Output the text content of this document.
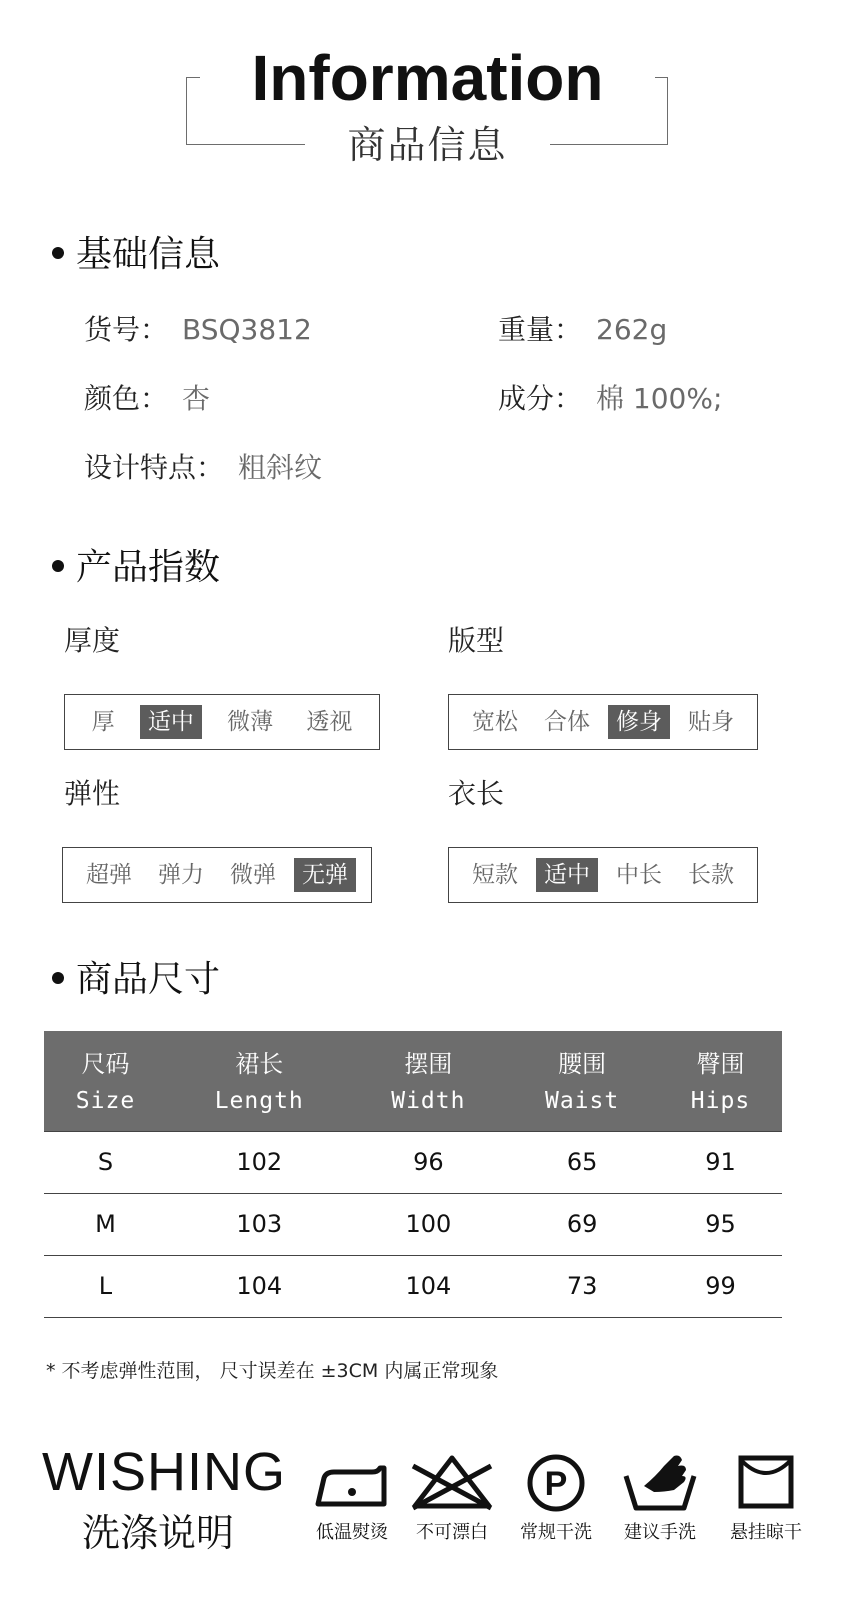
Information
商品信息
基础信息
货号： BSQ3812	重量： 262g
颜色： 杏	成分： 棉 100%;
设计特点： 粗斜纹
产品指数
厚度
厚	适中	微薄	透视
版型
宽松	合体	修身	贴身
弹性
超弹	弹力	微弹	无弹
衣长
短款	适中	中长	长款
商品尺寸
尺码	裙长	摆围	腰围	臀围
Size	Length	Width	Waist	Hips
S	102	96	65	91
M	103	100	69	95
L	104	104	73	99
* 不考虑弹性范围， 尺寸误差在 ±3CM 内属正常现象
WISHING
洗涤说明	低温熨烫	不可漂白
P
常规干洗	建议手洗	悬挂晾干
